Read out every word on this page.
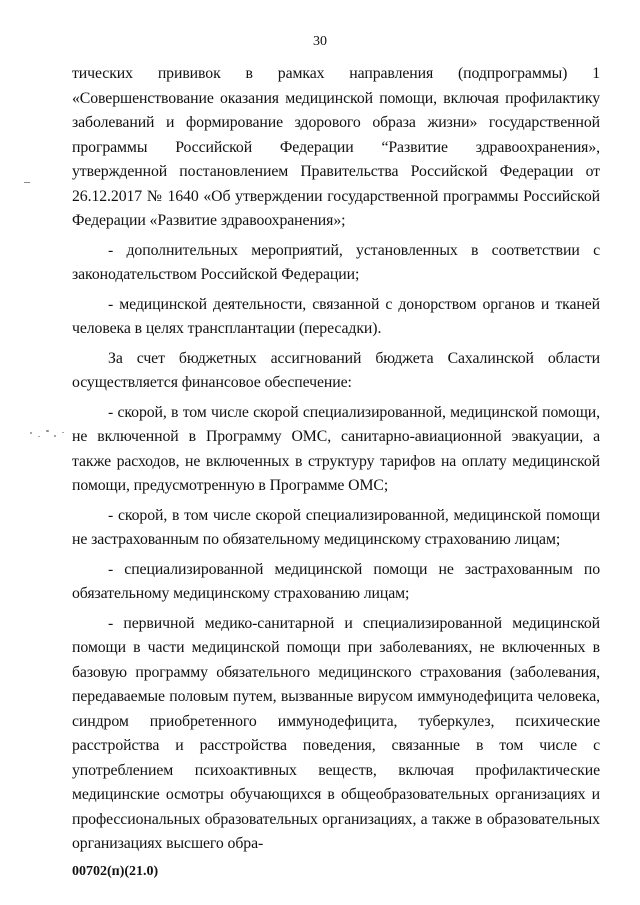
30

тических прививок в рамках направления (подпрограммы) 1 «Совершенствование оказания медицинской помощи, включая профилактику заболеваний и формирование здорового образа жизни» государственной программы Российской Федерации “Развитие здравоохранения», утвержденной постановлением Правительства Российской Федерации от 26.12.2017 № 1640 «Об утверждении государственной программы Российской Федерации «Развитие здравоохранения»;

- дополнительных мероприятий, установленных в соответствии с законодательством Российской Федерации;

- медицинской деятельности, связанной с донорством органов и тканей человека в целях трансплантации (пересадки).

За счет бюджетных ассигнований бюджета Сахалинской области осуществляется финансовое обеспечение:

- скорой, в том числе скорой специализированной, медицинской помощи, не включенной в Программу ОМС, санитарно-авиационной эвакуации, а также расходов, не включенных в структуру тарифов на оплату медицинской помощи, предусмотренную в Программе ОМС;

- скорой, в том числе скорой специализированной, медицинской помощи не застрахованным по обязательному медицинскому страхованию лицам;

- специализированной медицинской помощи не застрахованным по обязательному медицинскому страхованию лицам;

- первичной медико-санитарной и специализированной медицинской помощи в части медицинской помощи при заболеваниях, не включенных в базовую программу обязательного медицинского страхования (заболевания, передаваемые половым путем, вызванные вирусом иммунодефицита человека, синдром приобретенного иммунодефицита, туберкулез, психические расстройства и расстройства поведения, связанные в том числе с употреблением психоактивных веществ, включая профилактические медицинские осмотры обучающихся в общеобразовательных организациях и профессиональных образовательных организациях, а также в образовательных организациях высшего обра-

00702(п)(21.0)
